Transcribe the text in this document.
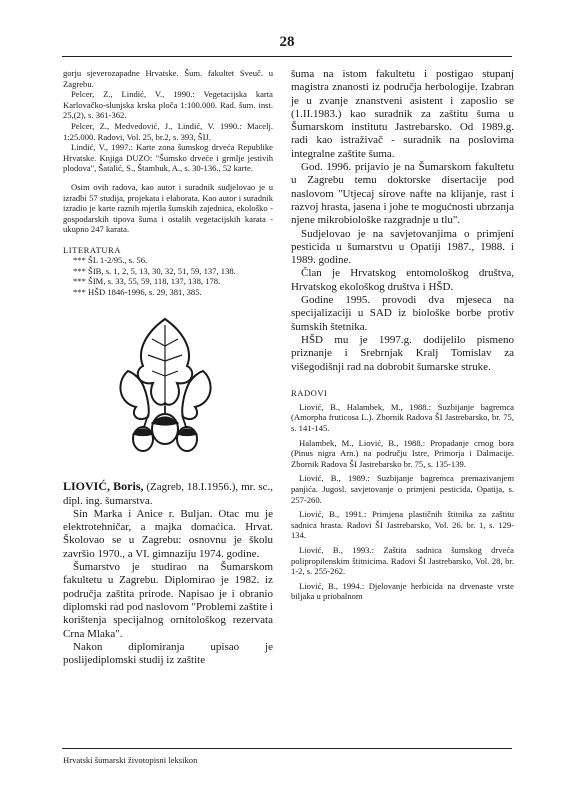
28

gorju sjeverozapadne Hrvatske. Šum. fakultet Sveuč. u Zagrebu.

Pelcer, Z., Lindić, V., 1990.: Vegetacijska karta Karlovačko-slunjska krska ploča 1:100.000. Rad. šum. inst. 25,(2), s. 361-362.

Pelcer, Z., Medvedović, J., Lindić, V. 1990.: Macelj. 1:25.000. Radovi, Vol. 25, br.2, s. 393, ŠIJ.

Lindić, V., 1997.: Karte zona šumskog drveća Republike Hrvatske. Knjiga DUZO: "Šumsko drveće i grmlje jestivih plodova", Šatalić, S., Štambuk, A., s. 30-136., 52 karte.

Osim ovih radova, kao autor i suradnik sudjelovao je u izradbi 57 studija, projekata i elaborata. Kao autor i suradnik izradio je karte raznih mjerila šumskih zajednica, ekološko - gospodarskih tipova šuma i ostalih vegetacijskih karata - ukupno 247 karata.

LITERATURA

*** ŠL 1-2/95., s. 56.

*** ŠIB, s. 1, 2, 5, 13, 30, 32, 51, 59, 137, 138.

*** ŠIM, s. 33, 55, 59, 118, 137, 138, 178.

*** HŠD 1846-1996, s. 29, 381, 385.

LIOVIĆ, Boris, (Zagreb, 18.I.1956.), mr. sc., dipl. ing. šumarstva.

Sin Marka i Anice r. Buljan. Otac mu je elektrotehničar, a majka domaćica. Hrvat. Školovao se u Zagrebu: osnovnu je školu završio 1970., a VI. gimnaziju 1974. godine.

Šumarstvo je studirao na Šumarskom fakultetu u Zagrebu. Diplomirao je 1982. iz područja zaštita prirode. Napisao je i obranio diplomski rad pod naslovom "Problemi zaštite i korištenja specijalnog ornitološkog rezervata Crna Mlaka".

Nakon diplomiranja upisao je poslijediplomski studij iz zaštite

šuma na istom fakultetu i postigao stupanj magistra znanosti iz područja herbologije. Izabran je u zvanje znanstveni asistent i zaposlio se (1.II.1983.) kao suradnik za zaštitu šuma u Šumarskom institutu Jastrebarsko. Od 1989.g. radi kao istraživač - suradnik na poslovima integralne zaštite šuma.

God. 1996. prijavio je na Šumarskom fakultetu u Zagrebu temu doktorske disertacije pod naslovom "Utjecaj sirove nafte na klijanje, rast i razvoj hrasta, jasena i johe te mogućnosti ubrzanja njene mikrobiološke razgradnje u tlu".

Sudjelovao je na savjetovanjima o primjeni pesticida u šumarstvu u Opatiji 1987., 1988. i 1989. godine.

Član je Hrvatskog entomološkog društva, Hrvatskog ekološkog društva i HŠD.

Godine 1995. provodi dva mjeseca na specijalizaciji u SAD iz biološke borbe protiv šumskih štetnika.

HŠD mu je 1997.g. dodijelilo pismeno priznanje i Srebrnjak Kralj Tomislav za višegodišnji rad na dobrobit šumarske struke.

RADOVI

Liović, B., Halambek, M., 1988.: Suzbijanje bagremca (Amorpha fruticosa L.). Zbornik Radova ŠI Jastrebarsko, br. 75, s. 141-145.

Halambek, M., Liović, B., 1988.: Propadanje crnog bora (Pinus nigra Arn.) na području Istre, Primorja i Dalmacije. Zbornik Radova ŠI Jastrebarsko br. 75, s. 135-139.

Liović, B., 1989.: Suzbijanje bagremca premazivanjem panjića. Jugosl. savjetovanje o primjeni pesticida, Opatija, s. 257-260.

Liović, B., 1991.: Primjena plastičnih štitnika za zaštitu sadnica hrasta. Radovi ŠI Jastrebarsko, Vol. 26. br. 1, s. 129-134.

Liović, B., 1993.: Zaštita sadnica šumskog drveća polipropilenskim štitnicima. Radovi ŠI Jastrebarsko, Vol. 28, br. 1-2, s. 255-262.

Liović, B., 1994.: Djelovanje herbicida na drvenaste vrste biljaka u priobalnom

Hrvatski šumarski životopisni leksikon
